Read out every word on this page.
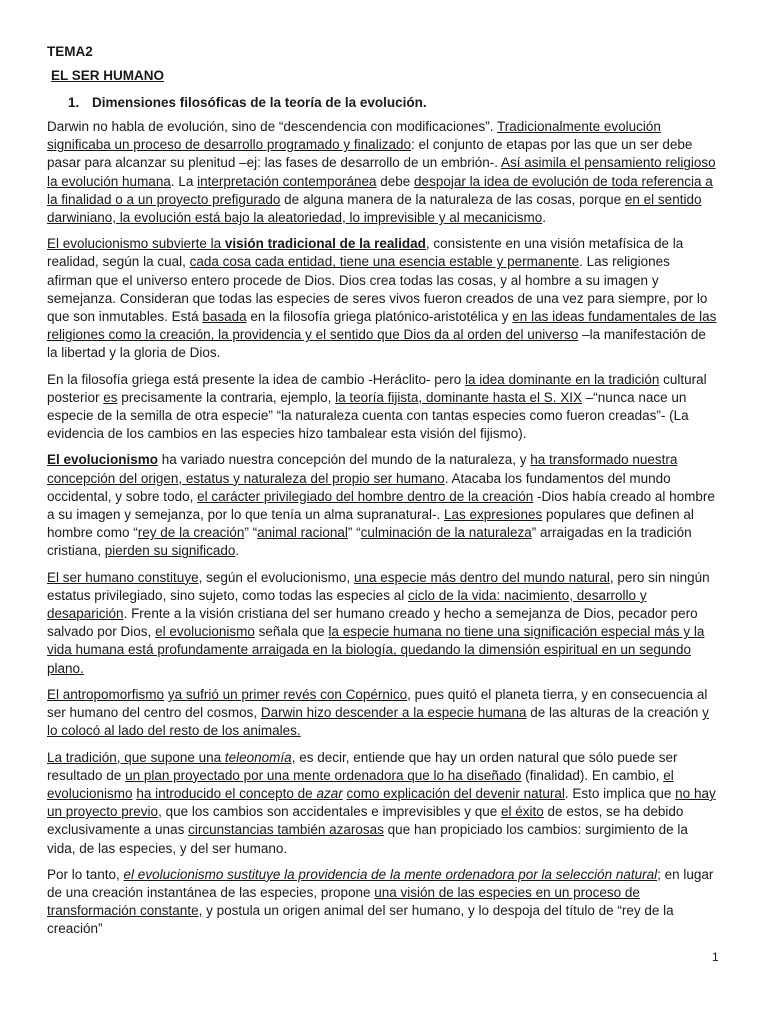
TEMA2
EL SER HUMANO
1. Dimensiones filosóficas de la teoría de la evolución.

Darwin no habla de evolución, sino de “descendencia con modificaciones”. Tradicionalmente evolución significaba un proceso de desarrollo programado y finalizado: el conjunto de etapas por las que un ser debe pasar para alcanzar su plenitud –ej: las fases de desarrollo de un embrión-. Así asimila el pensamiento religioso la evolución humana. La interpretación contemporánea debe despojar la idea de evolución de toda referencia a la finalidad o a un proyecto prefigurado de alguna manera de la naturaleza de las cosas, porque en el sentido darwiniano, la evolución está bajo la aleatoriedad, lo imprevisible y al mecanicismo.

El evolucionismo subvierte la visión tradicional de la realidad, consistente en una visión metafísica de la realidad, según la cual, cada cosa cada entidad, tiene una esencia estable y permanente. Las religiones afirman que el universo entero procede de Dios. Dios crea todas las cosas, y al hombre a su imagen y semejanza. Consideran que todas las especies de seres vivos fueron creados de una vez para siempre, por lo que son inmutables. Está basada en la filosofía griega platónico-aristotélica y en las ideas fundamentales de las religiones como la creación, la providencia y el sentido que Dios da al orden del universo –la manifestación de la libertad y la gloria de Dios.

En la filosofía griega está presente la idea de cambio -Heráclito- pero la idea dominante en la tradición cultural posterior es precisamente la contraria, ejemplo, la teoría fijista, dominante hasta el S. XIX –“nunca nace un especie de la semilla de otra especie” “la naturaleza cuenta con tantas especies como fueron creadas”- (La evidencia de los cambios en las especies hizo tambalear esta visión del fijismo).

El evolucionismo ha variado nuestra concepción del mundo de la naturaleza, y ha transformado nuestra concepción del origen, estatus y naturaleza del propio ser humano. Atacaba los fundamentos del mundo occidental, y sobre todo, el carácter privilegiado del hombre dentro de la creación -Dios había creado al hombre a su imagen y semejanza, por lo que tenía un alma supranatural-. Las expresiones populares que definen al hombre como “rey de la creación” “animal racional” “culminación de la naturaleza” arraigadas en la tradición cristiana, pierden su significado.

El ser humano constituye, según el evolucionismo, una especie más dentro del mundo natural, pero sin ningún estatus privilegiado, sino sujeto, como todas las especies al ciclo de la vida: nacimiento, desarrollo y desaparición. Frente a la visión cristiana del ser humano creado y hecho a semejanza de Dios, pecador pero salvado por Dios, el evolucionismo señala que la especie humana no tiene una significación especial más y la vida humana está profundamente arraigada en la biología, quedando la dimensión espiritual en un segundo plano.

El antropomorfismo ya sufrió un primer revés con Copérnico, pues quitó el planeta tierra, y en consecuencia al ser humano del centro del cosmos, Darwin hizo descender a la especie humana de las alturas de la creación y lo colocó al lado del resto de los animales.

La tradición, que supone una teleonomía, es decir, entiende que hay un orden natural que sólo puede ser resultado de un plan proyectado por una mente ordenadora que lo ha diseñado (finalidad). En cambio, el evolucionismo ha introducido el concepto de azar como explicación del devenir natural. Esto implica que no hay un proyecto previo, que los cambios son accidentales e imprevisibles y que el éxito de estos, se ha debido exclusivamente a unas circunstancias también azarosas que han propiciado los cambios: surgimiento de la vida, de las especies, y del ser humano.

Por lo tanto, el evolucionismo sustituye la providencia de la mente ordenadora por la selección natural; en lugar de una creación instantánea de las especies, propone una visión de las especies en un proceso de transformación constante, y postula un origen animal del ser humano, y lo despoja del título de “rey de la creación”

1
